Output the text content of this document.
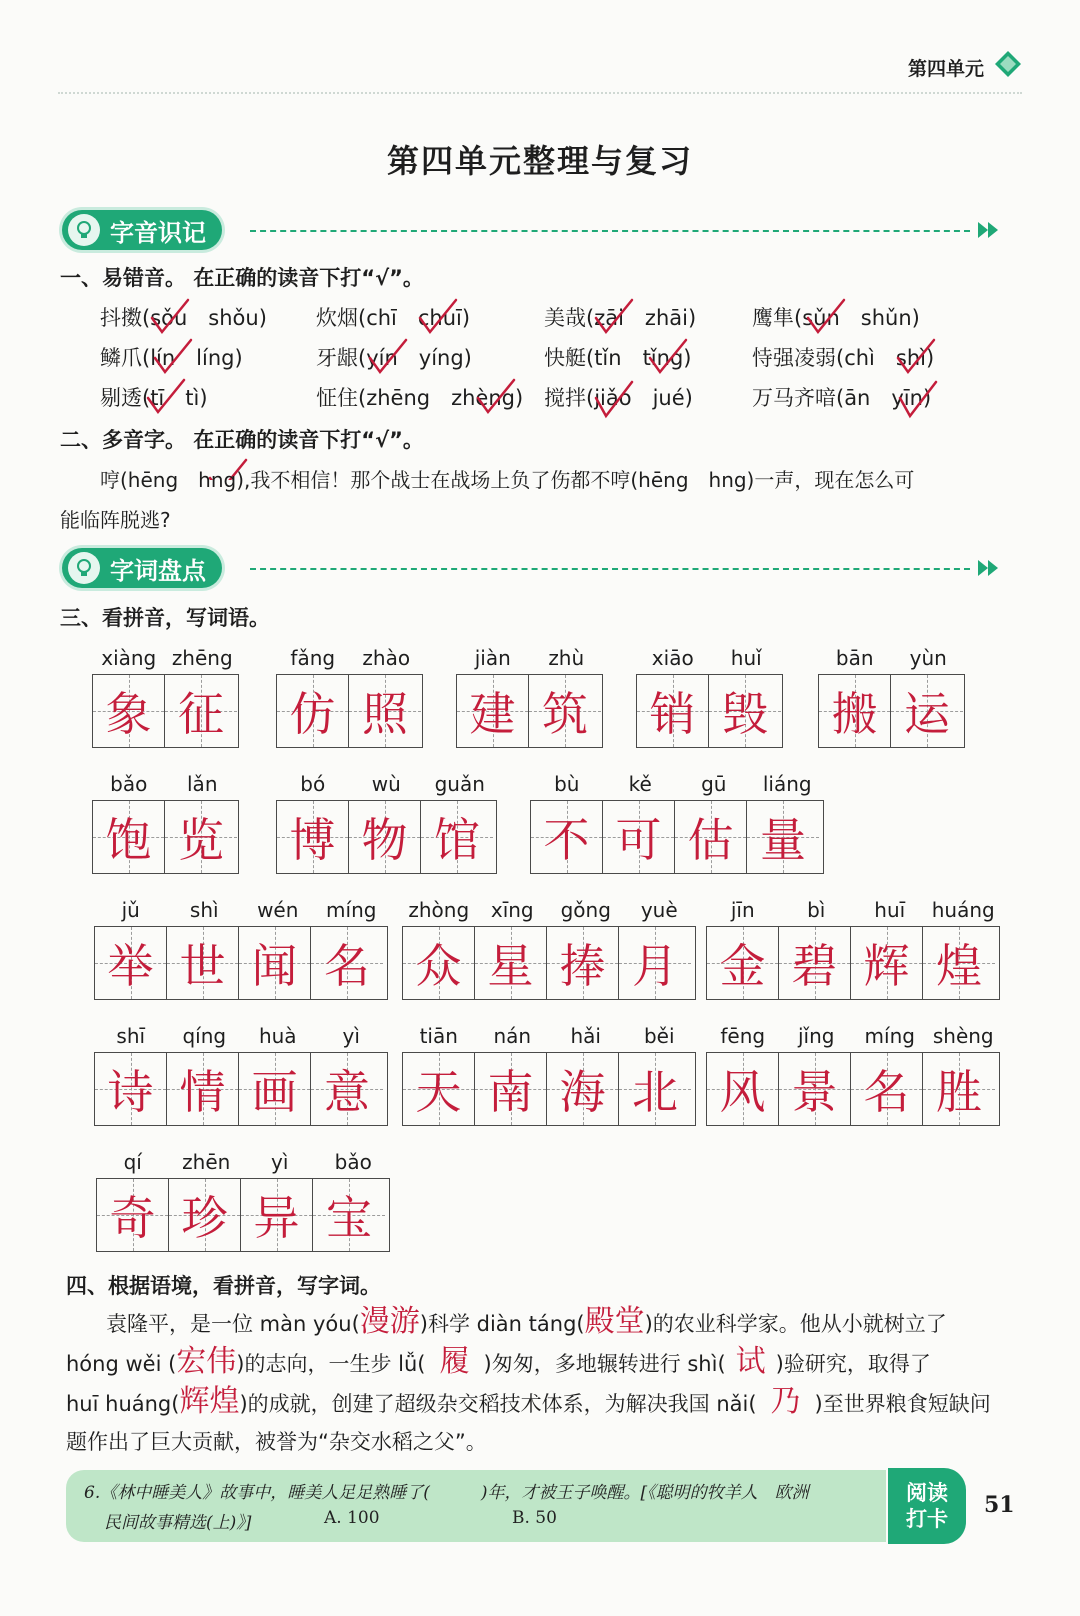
第四单元
第四单元整理与复习
字音识记
一、易错音。 在正确的读音下打“√”。
抖擞(sǒu　shǒu) 炊烟(chī　chuī)	美哉(zāi　zhāi)	鹰隼(sǔn　shǔn)
鳞爪(lín　líng)	牙龈(yín　yíng)	快艇(tǐn　tǐng)	恃强凌弱(chì　shì)
剔透(tī　tì)	怔住(zhēng　zhèng) 搅拌(jiǎo　jué)	万马齐喑(ān　yīn)
二、多音字。 在正确的读音下打“√”。
哼(hēng　hng),我不相信！那个战士在战场上负了伤都不哼(hēng　hng)一声，现在怎么可
能临阵脱逃?
字词盘点
三、看拼音，写词语。
xiàng zhēng
象 征
fǎng	zhào
仿 照
jiàn	zhù
建 筑
xiāo	huǐ
销 毁
bān	yùn
搬 运
bǎo	lǎn
饱 览
bó	wù	guǎn
博 物 馆
bù	kě	gū	liáng
不 可 估 量
jǔ	shì	wén	míng
举 世 闻 名
zhòng	xīng	gǒng	yuè
众 星 捧 月
jīn	bì	huī	huáng
金 碧 辉 煌
shī	qíng	huà	yì
诗 情 画 意
tiān	nán	hǎi	běi
天 南 海 北
fēng	jǐng	míng shèng
风 景 名 胜
qí	zhēn	yì	bǎo
奇 珍 异 宝
四、根据语境，看拼音，写字词。
袁隆平，是一位 màn yóu(漫游)科学 diàn táng(殿堂)的农业科学家。他从小就树立了
hóng wěi (宏伟)的志向，一生步 lǚ( 履 )匆匆，多地辗转进行 shì( 试 )验研究，取得了
huī huáng(辉煌)的成就，创建了超级杂交稻技术体系，为解决我国 nǎi( 乃 )至世界粮食短缺问
题作出了巨大贡献，被誉为“杂交水稻之父”。
6.《林中睡美人》故事中，睡美人足足熟睡了(　　　)年，才被王子唤醒。[《聪明的牧羊人　欧洲
民间故事精选(上)》]	A. 100	B. 50
阅读
打卡
51
